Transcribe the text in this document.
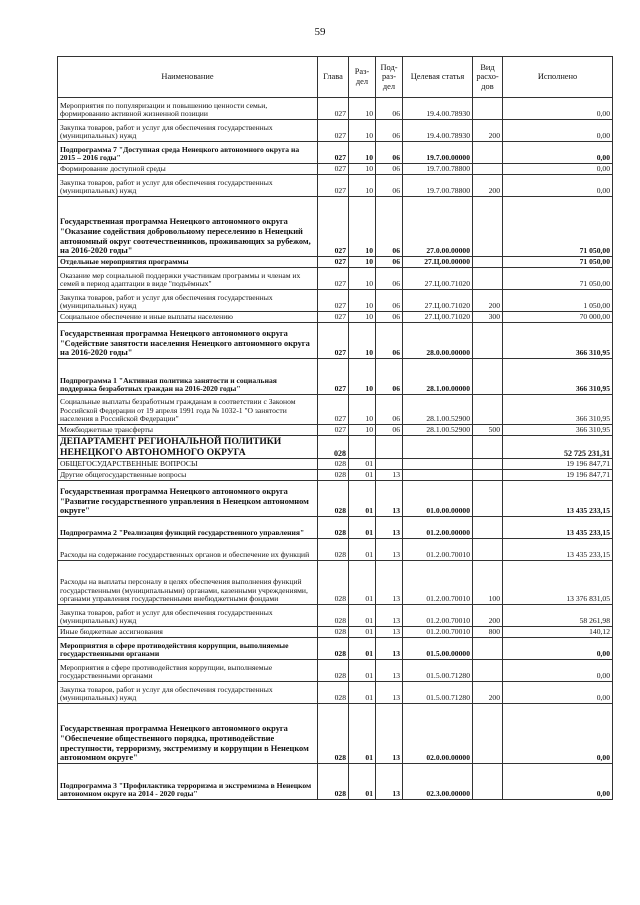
59
Наименование	Глава	Раз-дел	Под-раз-дел	Целевая статья	Вид расхо-дов	Исполнено
Мероприятия по популяризации и повышению ценности семьи, формированию активной жизненной позиции	027	10	06	19.4.00.78930		0,00
Закупка товаров, работ и услуг для обеспечения государственных (муниципальных) нужд	027	10	06	19.4.00.78930	200	0,00
Подпрограмма 7 "Доступная среда Ненецкого автономного округа на 2015 – 2016 годы"	027	10	06	19.7.00.00000		0,00
Формирование доступной среды	027	10	06	19.7.00.78800		0,00
Закупка товаров, работ и услуг для обеспечения государственных (муниципальных) нужд	027	10	06	19.7.00.78800	200	0,00
Государственная программа Ненецкого автономного округа "Оказание содействия добровольному переселению в Ненецкий автономный округ соотечественников, проживающих за рубежом, на 2016-2020 годы"	027	10	06	27.0.00.00000		71 050,00
Отдельные мероприятия программы	027	10	06	27.Ц.00.00000		71 050,00
Оказание мер социальной поддержки участникам программы и членам их семей в период адаптации в виде "подъёмных"	027	10	06	27.Ц.00.71020		71 050,00
Закупка товаров, работ и услуг для обеспечения государственных (муниципальных) нужд	027	10	06	27.Ц.00.71020	200	1 050,00
Социальное обеспечение и иные выплаты населению	027	10	06	27.Ц.00.71020	300	70 000,00
Государственная программа Ненецкого автономного округа "Содействие занятости населения Ненецкого автономного округа на 2016-2020 годы"	027	10	06	28.0.00.00000		366 310,95
Подпрограмма 1 "Активная политика занятости и социальная поддержка безработных граждан на 2016-2020 годы"	027	10	06	28.1.00.00000		366 310,95
Социальные выплаты безработным гражданам в соответствии с Законом Российской Федерации от 19 апреля 1991 года № 1032-1 "О занятости населения в Российской Федерации"	027	10	06	28.1.00.52900		366 310,95
Межбюджетные трансферты	027	10	06	28.1.00.52900	500	366 310,95
ДЕПАРТАМЕНТ РЕГИОНАЛЬНОЙ ПОЛИТИКИ НЕНЕЦКОГО АВТОНОМНОГО ОКРУГА	028					52 725 231,31
ОБЩЕГОСУДАРСТВЕННЫЕ ВОПРОСЫ	028	01				19 196 847,71
Другие общегосударственные вопросы	028	01	13			19 196 847,71
Государственная программа Ненецкого автономного округа "Развитие государственного управления в Ненецком автономном округе"	028	01	13	01.0.00.00000		13 435 233,15
Подпрограмма 2 "Реализация функций государственного управления"	028	01	13	01.2.00.00000		13 435 233,15
Расходы на содержание государственных органов и обеспечение их функций	028	01	13	01.2.00.70010		13 435 233,15
Расходы на выплаты персоналу в целях обеспечения выполнения функций государственными (муниципальными) органами, казенными учреждениями, органами управления государственными внебюджетными фондами	028	01	13	01.2.00.70010	100	13 376 831,05
Закупка товаров, работ и услуг для обеспечения государственных (муниципальных) нужд	028	01	13	01.2.00.70010	200	58 261,98
Иные бюджетные ассигнования	028	01	13	01.2.00.70010	800	140,12
Мероприятия в сфере противодействия коррупции, выполняемые государственными органами	028	01	13	01.5.00.00000		0,00
Мероприятия в сфере противодействия коррупции, выполняемые государственными органами	028	01	13	01.5.00.71280		0,00
Закупка товаров, работ и услуг для обеспечения государственных (муниципальных) нужд	028	01	13	01.5.00.71280	200	0,00
Государственная программа Ненецкого автономного округа "Обеспечение общественного порядка, противодействие преступности, терроризму, экстремизму и коррупции в Ненецком автономном округе"	028	01	13	02.0.00.00000		0,00
Подпрограмма 3 "Профилактика терроризма и экстремизма в Ненецком автономном округе на 2014 - 2020 годы"	028	01	13	02.3.00.00000		0,00
